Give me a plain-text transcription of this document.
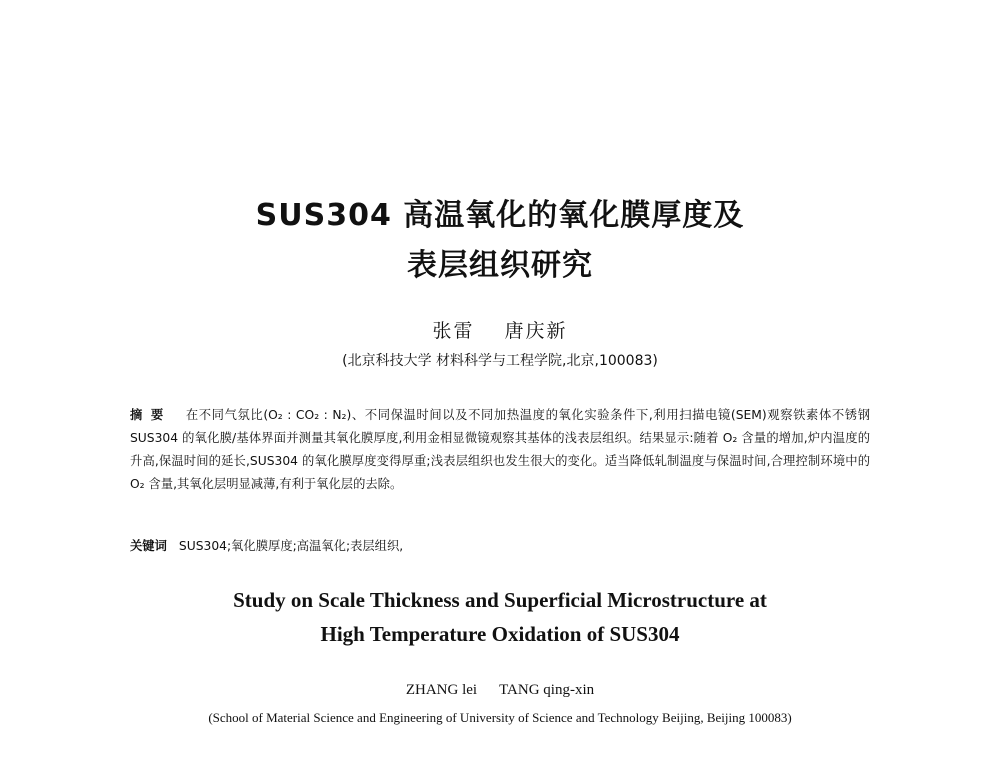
SUS304 高温氧化的氧化膜厚度及
表层组织研究
张雷 唐庆新
(北京科技大学 材料科学与工程学院,北京,100083)
摘要 在不同气氛比(O₂ : CO₂ : N₂)、不同保温时间以及不同加热温度的氧化实验条件下,利用扫描电镜(SEM)观察铁素体不锈钢 SUS304 的氧化膜/基体界面并测量其氧化膜厚度,利用金相显微镜观察其基体的浅表层组织。结果显示:随着 O₂ 含量的增加,炉内温度的升高,保温时间的延长,SUS304 的氧化膜厚度变得厚重;浅表层组织也发生很大的变化。适当降低轧制温度与保温时间,合理控制环境中的 O₂ 含量,其氧化层明显减薄,有利于氧化层的去除。
关键词 SUS304;氧化膜厚度;高温氧化;表层组织,
Study on Scale Thickness and Superficial Microstructure at
High Temperature Oxidation of SUS304
ZHANG lei TANG qing-xin
(School of Material Science and Engineering of University of Science and Technology Beijing, Beijing 100083)
